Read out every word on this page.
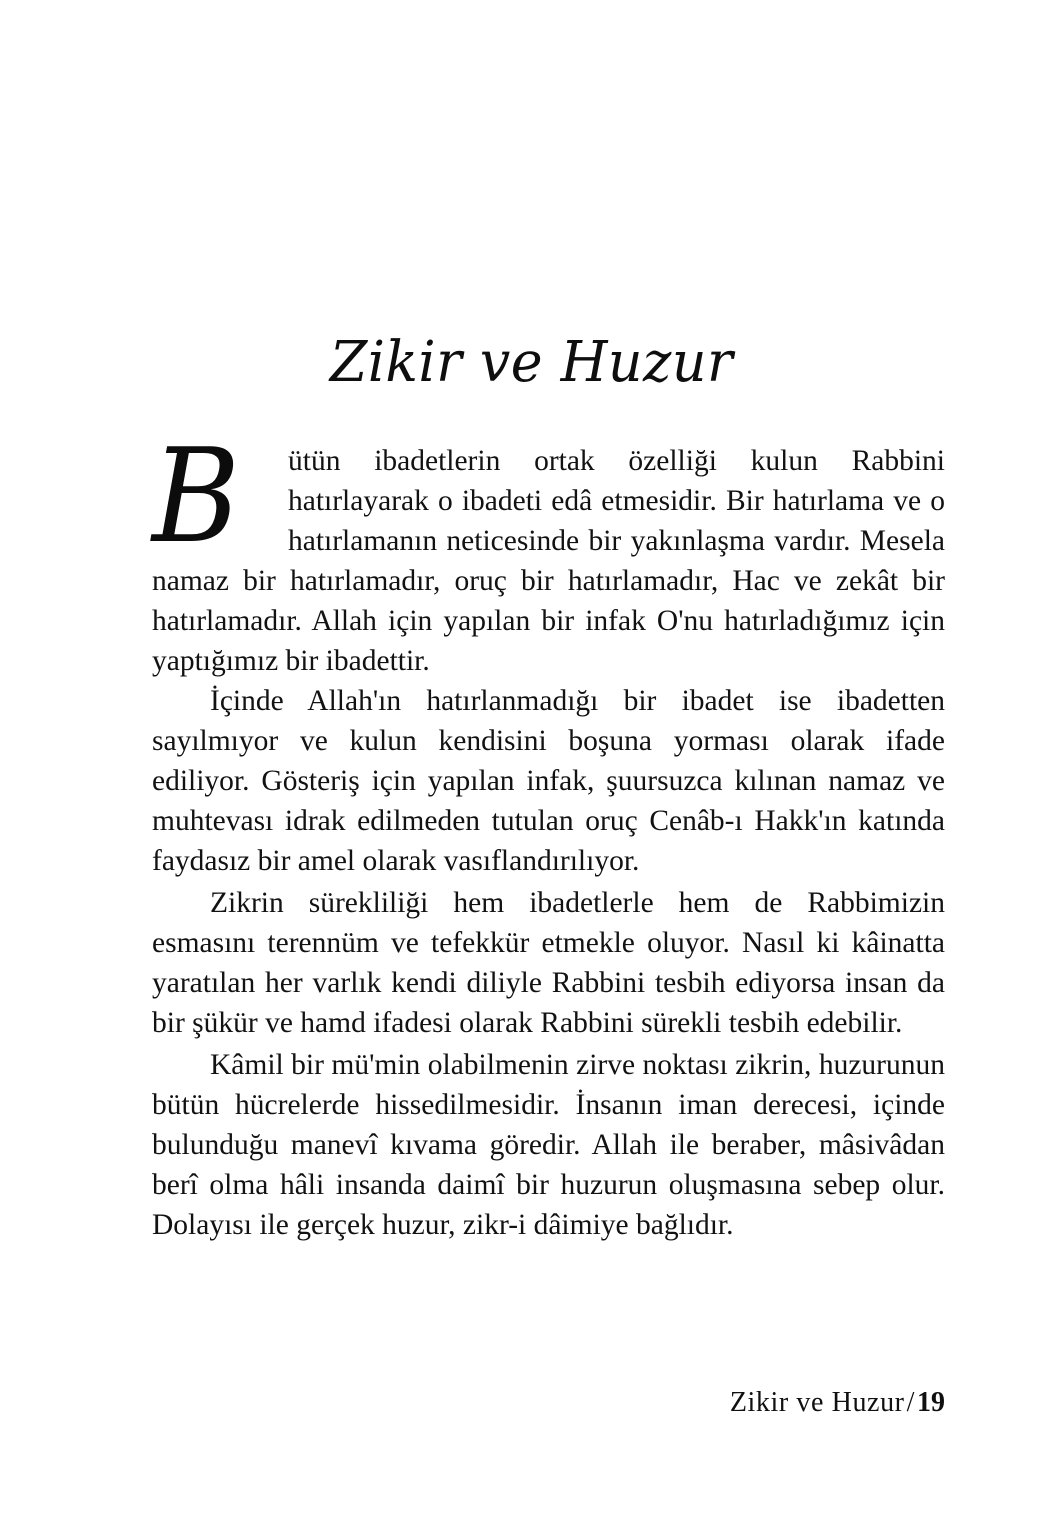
Zikir ve Huzur
B	ütün ibadetlerin ortak özelliği kulun Rabbini hatırlayarak o ibadeti edâ etmesidir. Bir hatırlama ve o hatırlamanın neticesinde bir yakınlaşma vardır. Mesela namaz bir hatırlamadır, oruç bir hatırlamadır, Hac ve zekât bir hatırlamadır. Allah için yapılan bir infak O'nu hatırladığımız için yaptığımız bir ibadettir.

İçinde Allah'ın hatırlanmadığı bir ibadet ise ibadetten sayılmıyor ve kulun kendisini boşuna yorması olarak ifade ediliyor. Gösteriş için yapılan infak, şuursuzca kılınan namaz ve muhtevası idrak edilmeden tutulan oruç Cenâb-ı Hakk'ın katında faydasız bir amel olarak vasıflandırılıyor.

Zikrin sürekliliği hem ibadetlerle hem de Rabbimizin esmasını terennüm ve tefekkür etmekle oluyor. Nasıl ki kâinatta yaratılan her varlık kendi diliyle Rabbini tesbih ediyorsa insan da bir şükür ve hamd ifadesi olarak Rabbini sürekli tesbih edebilir.

Kâmil bir mü'min olabilmenin zirve noktası zikrin, huzurunun bütün hücrelerde hissedilmesidir. İnsanın iman derecesi, içinde bulunduğu manevî kıvama göredir. Allah ile beraber, mâsivâdan berî olma hâli insanda daimî bir huzurun oluşmasına sebep olur. Dolayısı ile gerçek huzur, zikr-i dâimiye bağlıdır.

Zikir ve Huzur/19
